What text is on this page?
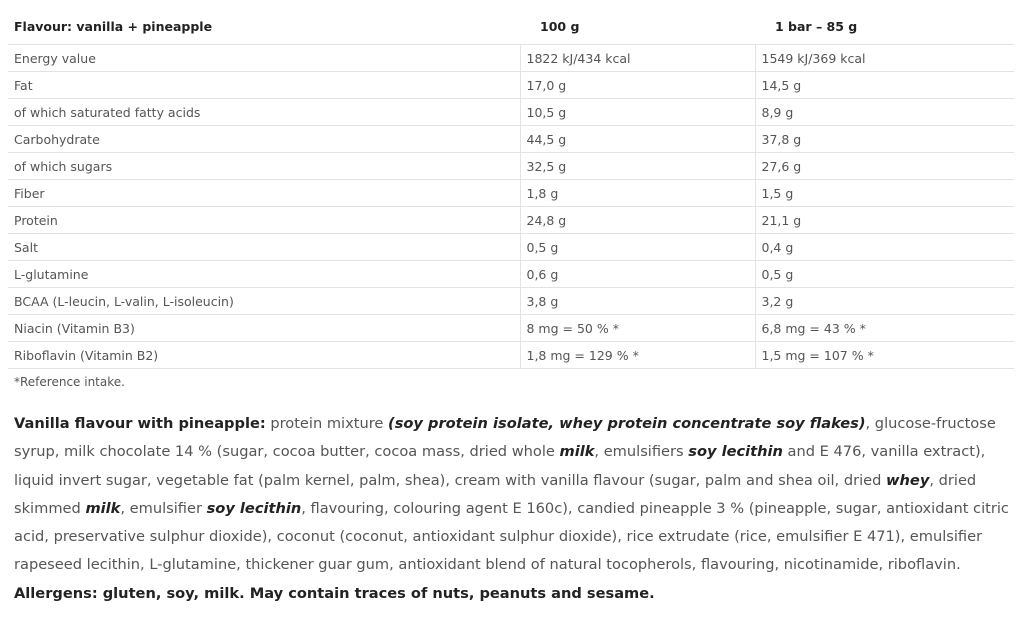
Flavour: vanilla + pineapple	100 g	1 bar – 85 g
Energy value	1822 kJ/434 kcal	1549 kJ/369 kcal
Fat	17,0 g	14,5 g
of which saturated fatty acids	10,5 g	8,9 g
Carbohydrate	44,5 g	37,8 g
of which sugars	32,5 g	27,6 g
Fiber	1,8 g	1,5 g
Protein	24,8 g	21,1 g
Salt	0,5 g	0,4 g
L-glutamine	0,6 g	0,5 g
BCAA (L-leucin, L-valin, L-isoleucin)	3,8 g	3,2 g
Niacin (Vitamin B3)	8 mg = 50 % *	6,8 mg = 43 % *
Riboflavin (Vitamin B2)	1,8 mg = 129 % *	1,5 mg = 107 % *
*Reference intake.

Vanilla flavour with pineapple: protein mixture (soy protein isolate, whey protein concentrate soy flakes), glucose-fructose syrup, milk chocolate 14 % (sugar, cocoa butter, cocoa mass, dried whole milk, emulsifiers soy lecithin and E 476, vanilla extract), liquid invert sugar, vegetable fat (palm kernel, palm, shea), cream with vanilla flavour (sugar, palm and shea oil, dried whey, dried skimmed milk, emulsifier soy lecithin, flavouring, colouring agent E 160c), candied pineapple 3 % (pineapple, sugar, antioxidant citric acid, preservative sulphur dioxide), coconut (coconut, antioxidant sulphur dioxide), rice extrudate (rice, emulsifier E 471), emulsifier rapeseed lecithin, L-glutamine, thickener guar gum, antioxidant blend of natural tocopherols, flavouring, nicotinamide, riboflavin. Allergens: gluten, soy, milk. May contain traces of nuts, peanuts and sesame.
